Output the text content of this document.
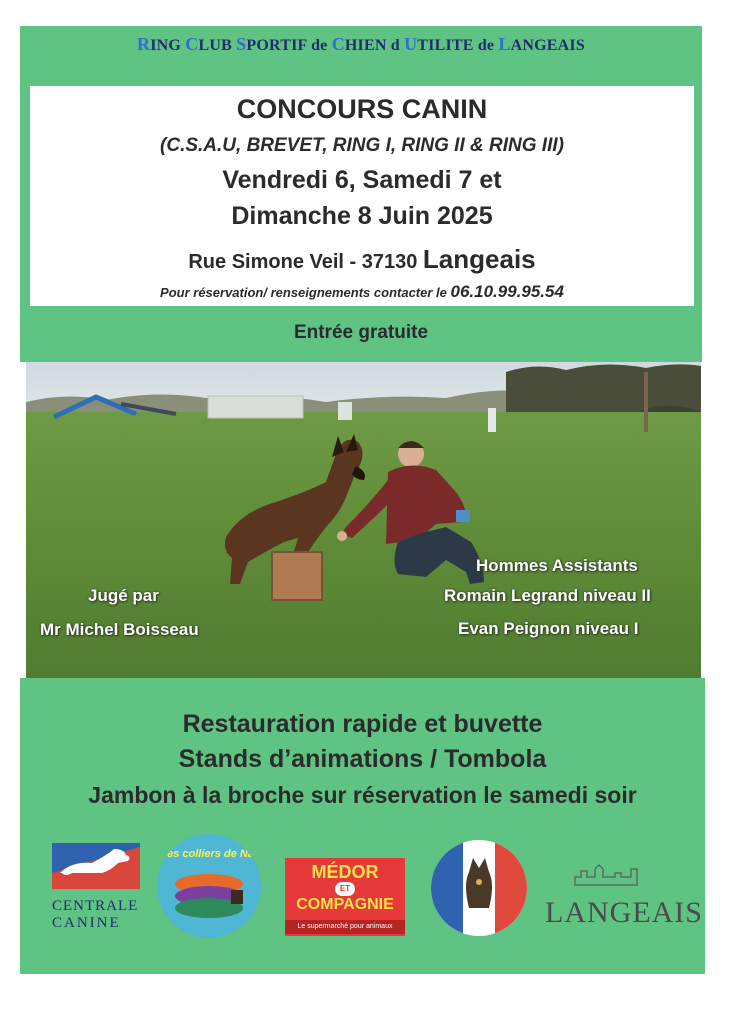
RING CLUB SPORTIF de CHIEN d UTILITE de LANGEAIS
CONCOURS CANIN
(C.S.A.U, BREVET, RING I, RING II & RING III)
Vendredi 6, Samedi 7 et
Dimanche 8 Juin 2025
Rue Simone Veil - 37130 Langeais
Pour réservation/ renseignements contacter le 06.10.99.95.54
Entrée gratuite
Jugé par
Mr Michel Boisseau
Hommes Assistants
Romain Legrand niveau II
Evan Peignon niveau I
Restauration rapide et buvette
Stands d’animations / Tombola
Jambon à la broche sur réservation le samedi soir
CENTRALE
CANINE
Les colliers de Nat
MÉDOR
ET
COMPAGNIE
Le supermarché pour animaux	LANGEAIS
